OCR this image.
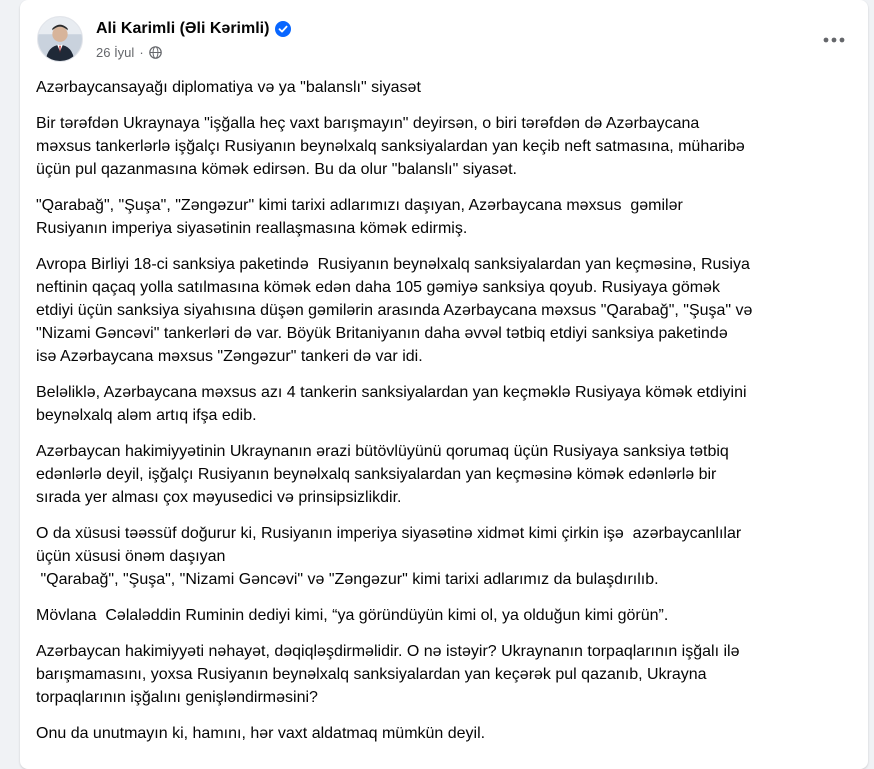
Ali Karimli (Əli Kərimli)
26 İyul ·

Azərbaycansayağı diplomatiya və ya "balanslı" siyasət

Bir tərəfdən Ukraynaya "işğalla heç vaxt barışmayın" deyirsən, o biri tərəfdən də Azərbaycana
məxsus tankerlərlə işğalçı Rusiyanın beynəlxalq sanksiyalardan yan keçib neft satmasına, müharibə
üçün pul qazanmasına kömək edirsən. Bu da olur "balanslı" siyasət.

"Qarabağ", "Şuşa", "Zəngəzur" kimi tarixi adlarımızı daşıyan, Azərbaycana məxsus  gəmilər
Rusiyanın imperiya siyasətinin reallaşmasına kömək edirmiş.

Avropa Birliyi 18-ci sanksiya paketində  Rusiyanın beynəlxalq sanksiyalardan yan keçməsinə, Rusiya
neftinin qaçaq yolla satılmasına kömək edən daha 105 gəmiyə sanksiya qoyub. Rusiyaya gömək
etdiyi üçün sanksiya siyahısına düşən gəmilərin arasında Azərbaycana məxsus "Qarabağ", "Şuşa" və
"Nizami Gəncəvi" tankerləri də var. Böyük Britaniyanın daha əvvəl tətbiq etdiyi sanksiya paketində
isə Azərbaycana məxsus "Zəngəzur" tankeri də var idi.

Beləliklə, Azərbaycana məxsus azı 4 tankerin sanksiyalardan yan keçməklə Rusiyaya kömək etdiyini
beynəlxalq aləm artıq ifşa edib.

Azərbaycan hakimiyyətinin Ukraynanın ərazi bütövlüyünü qorumaq üçün Rusiyaya sanksiya tətbiq
edənlərlə deyil, işğalçı Rusiyanın beynəlxalq sanksiyalardan yan keçməsinə kömək edənlərlə bir
sırada yer alması çox məyusedici və prinsipsizlikdir.

O da xüsusi təəssüf doğurur ki, Rusiyanın imperiya siyasətinə xidmət kimi çirkin işə  azərbaycanlılar
üçün xüsusi önəm daşıyan
"Qarabağ", "Şuşa", "Nizami Gəncəvi" və "Zəngəzur" kimi tarixi adlarımız da bulaşdırılıb.

Mövlana  Cəlaləddin Ruminin dediyi kimi, “ya göründüyün kimi ol, ya olduğun kimi görün”.

Azərbaycan hakimiyyəti nəhayət, dəqiqləşdirməlidir. O nə istəyir? Ukraynanın torpaqlarının işğalı ilə
barışmamasını, yoxsa Rusiyanın beynəlxalq sanksiyalardan yan keçərək pul qazanıb, Ukrayna
torpaqlarının işğalını genişləndirməsini?

Onu da unutmayın ki, hamını, hər vaxt aldatmaq mümkün deyil.
